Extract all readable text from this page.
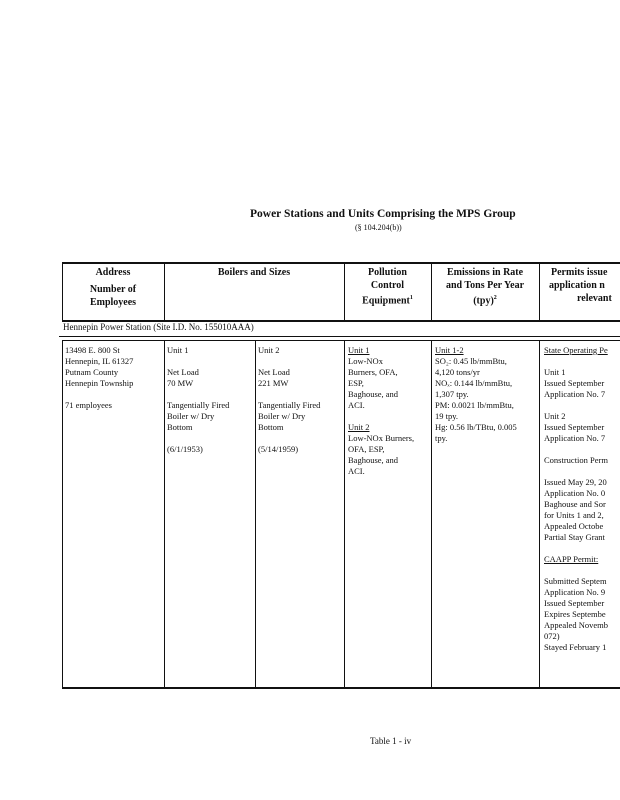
Power Stations and Units Comprising the MPS Group
(§ 104.204(b))
Address
Number of
Employees
Boilers and Sizes	Pollution
Control
Equipment$^1$
Emissions in Rate
and Tons Per Year
(tpy)$^2$
Permits issue
application n
relevant
Hennepin Power Station (Site I.D. No. 155010AAA)
13498 E. 800 St
Hennepin, IL 61327
Putnam County
Hennepin Township
71 employees
Unit 1
Net Load
70 MW
Tangentially Fired
Boiler w/ Dry
Bottom
(6/1/1953)
Unit 2
Net Load
221 MW
Tangentially Fired
Boiler w/ Dry
Bottom
(5/14/1959)
Unit 1
Low-NOx
Burners, OFA,
ESP,
Baghouse, and
ACI.
Unit 2
Low-NOx Burners,
OFA, ESP,
Baghouse, and
ACI.
Unit 1-2
SO₂: 0.45 lb/mmBtu,
4,120 tons/yr
NOₓ: 0.144 lb/mmBtu,
1,307 tpy.
PM: 0.0021 lb/mmBtu,
19 tpy.
Hg: 0.56 lb/TBtu, 0.005
tpy.
State Operating Pe
Unit 1
Issued September
Application No. 7
Unit 2
Issued September
Application No. 7
Construction Perm
Issued May 29, 20
Application No. 0
Baghouse and Sor
for Units 1 and 2,
Appealed Octobe
Partial Stay Grant
CAAPP Permit:
Submitted Septem
Application No. 9
Issued September
Expires Septembe
Appealed Novemb
072)
Stayed February 1
Table 1 - iv
